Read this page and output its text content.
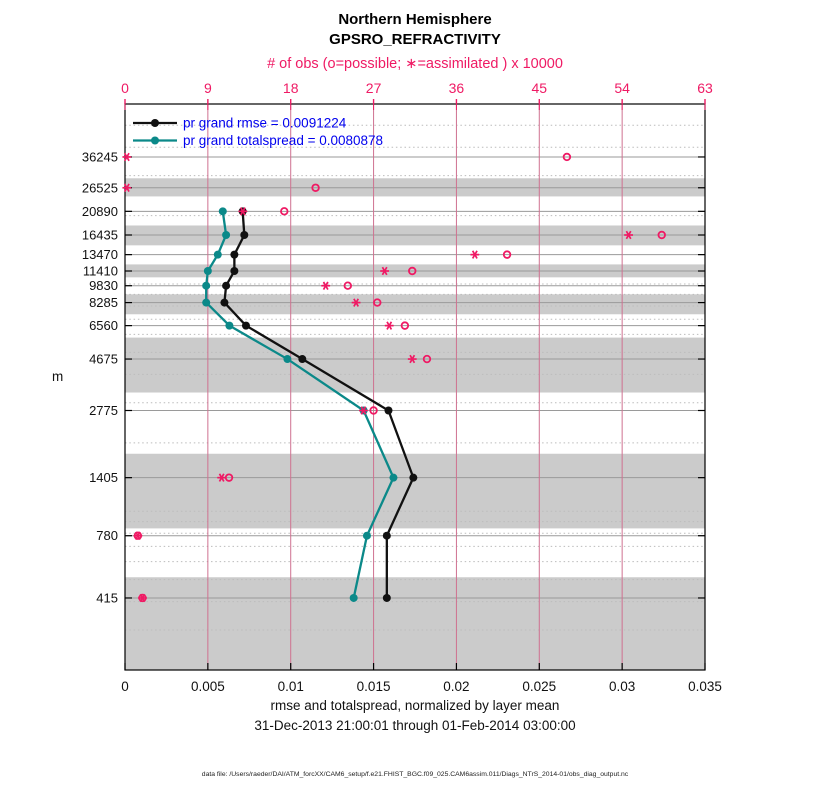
Northern Hemisphere
GPSRO_REFRACTIVITY
# of obs (o=possible; ∗=assimilated ) x 10000
0	0.005	0.01	0.015	0.02	0.025	0.03	0.035
0	9	18	27	36	45	54	63
415
780
1405
2775
4675
6560
8285
9830
11410
13470
16435
20890
26525
36245
pr grand rmse = 0.0091224
pr grand totalspread = 0.0080878
m
rmse and totalspread, normalized by layer mean
31-Dec-2013 21:00:01 through 01-Feb-2014 03:00:00
data file: /Users/raeder/DAI/ATM_forcXX/CAM6_setup/f.e21.FHIST_BGC.f09_025.CAM6assim.011/Diags_NTrS_2014-01/obs_diag_output.nc
